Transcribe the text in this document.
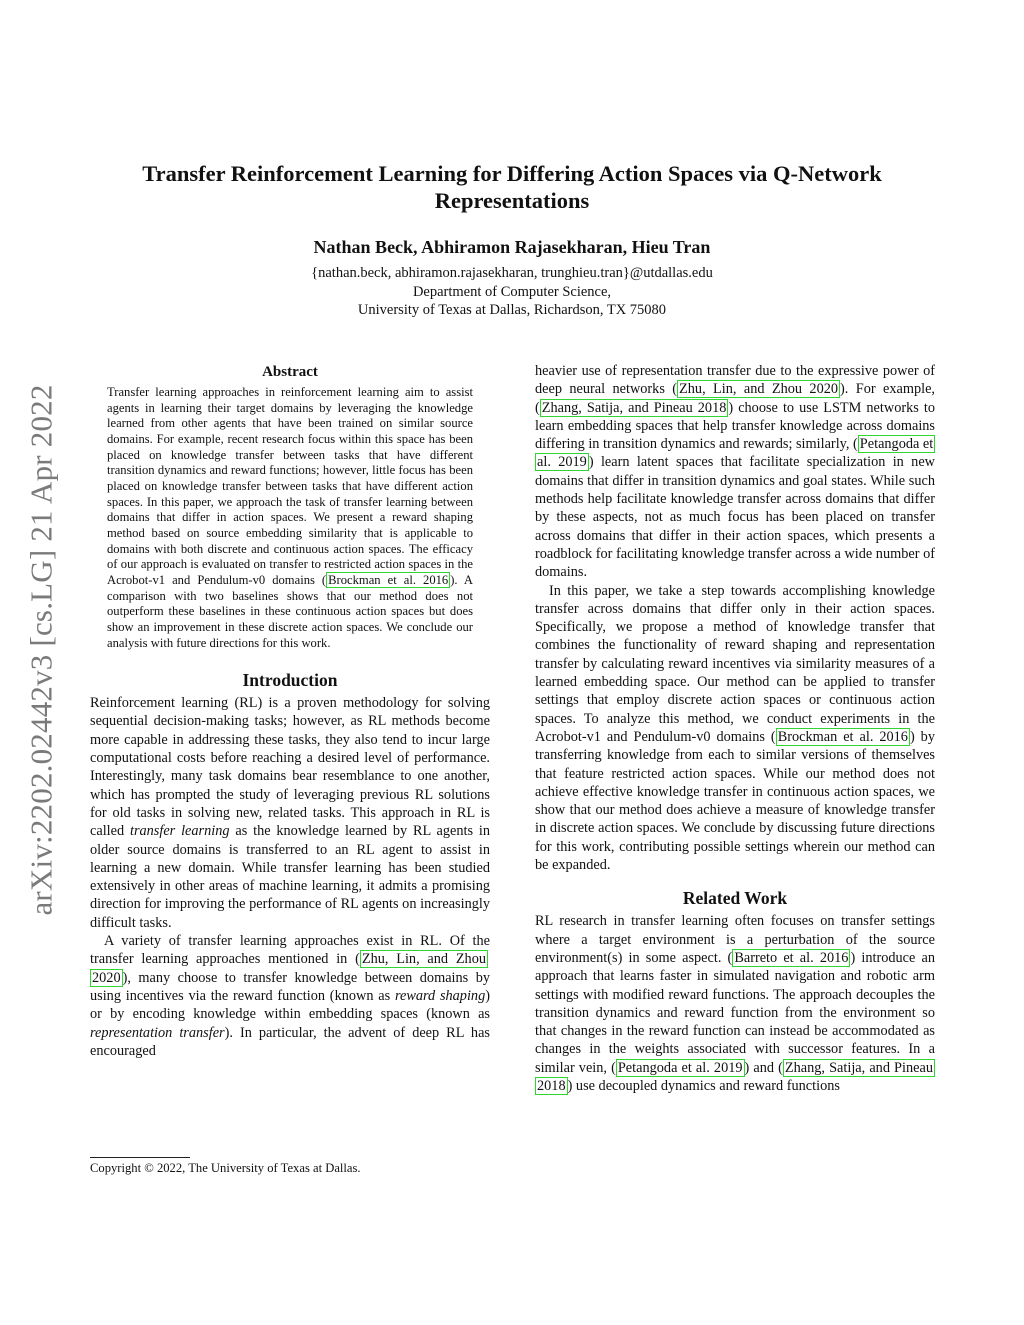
arXiv:2202.02442v3 [cs.LG] 21 Apr 2022
Transfer Reinforcement Learning for Differing Action Spaces via Q-Network Representations
Nathan Beck, Abhiramon Rajasekharan, Hieu Tran
{nathan.beck, abhiramon.rajasekharan, trunghieu.tran}@utdallas.edu
Department of Computer Science,
University of Texas at Dallas, Richardson, TX 75080
Abstract

Transfer learning approaches in reinforcement learning aim to assist agents in learning their target domains by leveraging the knowledge learned from other agents that have been trained on similar source domains. For example, recent research focus within this space has been placed on knowledge transfer between tasks that have different transition dynamics and reward functions; however, little focus has been placed on knowledge transfer between tasks that have different action spaces. In this paper, we approach the task of transfer learning between domains that differ in action spaces. We present a reward shaping method based on source embedding similarity that is applicable to domains with both discrete and continuous action spaces. The efficacy of our approach is evaluated on transfer to restricted action spaces in the Acrobot-v1 and Pendulum-v0 domains ( Brockman et al. 2016 ). A comparison with two baselines shows that our method does not outperform these baselines in these continuous action spaces but does show an improvement in these discrete action spaces. We conclude our analysis with future directions for this work.

Introduction

Reinforcement learning (RL) is a proven methodology for solving sequential decision-making tasks; however, as RL methods become more capable in addressing these tasks, they also tend to incur large computational costs before reaching a desired level of performance. Interestingly, many task domains bear resemblance to one another, which has prompted the study of leveraging previous RL solutions for old tasks in solving new, related tasks. This approach in RL is called transfer learning as the knowledge learned by RL agents in older source domains is transferred to an RL agent to assist in learning a new domain. While transfer learning has been studied extensively in other areas of machine learning, it admits a promising direction for improving the performance of RL agents on increasingly difficult tasks.

A variety of transfer learning approaches exist in RL. Of the transfer learning approaches mentioned in ( Zhu, Lin, and Zhou 2020 ), many choose to transfer knowledge between domains by using incentives via the reward function (known as reward shaping) or by encoding knowledge within embedding spaces (known as representation transfer). In particular, the advent of deep RL has encouraged

heavier use of representation transfer due to the expressive power of deep neural networks ( Zhu, Lin, and Zhou 2020 ). For example, ( Zhang, Satija, and Pineau 2018 ) choose to use LSTM networks to learn embedding spaces that help transfer knowledge across domains differing in transition dynamics and rewards; similarly, ( Petangoda et al. 2019 ) learn latent spaces that facilitate specialization in new domains that differ in transition dynamics and goal states. While such methods help facilitate knowledge transfer across domains that differ by these aspects, not as much focus has been placed on transfer across domains that differ in their action spaces, which presents a roadblock for facilitating knowledge transfer across a wide number of domains.

In this paper, we take a step towards accomplishing knowledge transfer across domains that differ only in their action spaces. Specifically, we propose a method of knowledge transfer that combines the functionality of reward shaping and representation transfer by calculating reward incentives via similarity measures of a learned embedding space. Our method can be applied to transfer settings that employ discrete action spaces or continuous action spaces. To analyze this method, we conduct experiments in the Acrobot-v1 and Pendulum-v0 domains ( Brockman et al. 2016 ) by transferring knowledge from each to similar versions of themselves that feature restricted action spaces. While our method does not achieve effective knowledge transfer in continuous action spaces, we show that our method does achieve a measure of knowledge transfer in discrete action spaces. We conclude by discussing future directions for this work, contributing possible settings wherein our method can be expanded.

Related Work

RL research in transfer learning often focuses on transfer settings where a target environment is a perturbation of the source environment(s) in some aspect. ( Barreto et al. 2016 ) introduce an approach that learns faster in simulated navigation and robotic arm settings with modified reward functions. The approach decouples the transition dynamics and reward function from the environment so that changes in the reward function can instead be accommodated as changes in the weights associated with successor features. In a similar vein, ( Petangoda et al. 2019 ) and ( Zhang, Satija, and Pineau 2018 ) use decoupled dynamics and reward functions

Copyright © 2022, The University of Texas at Dallas.
